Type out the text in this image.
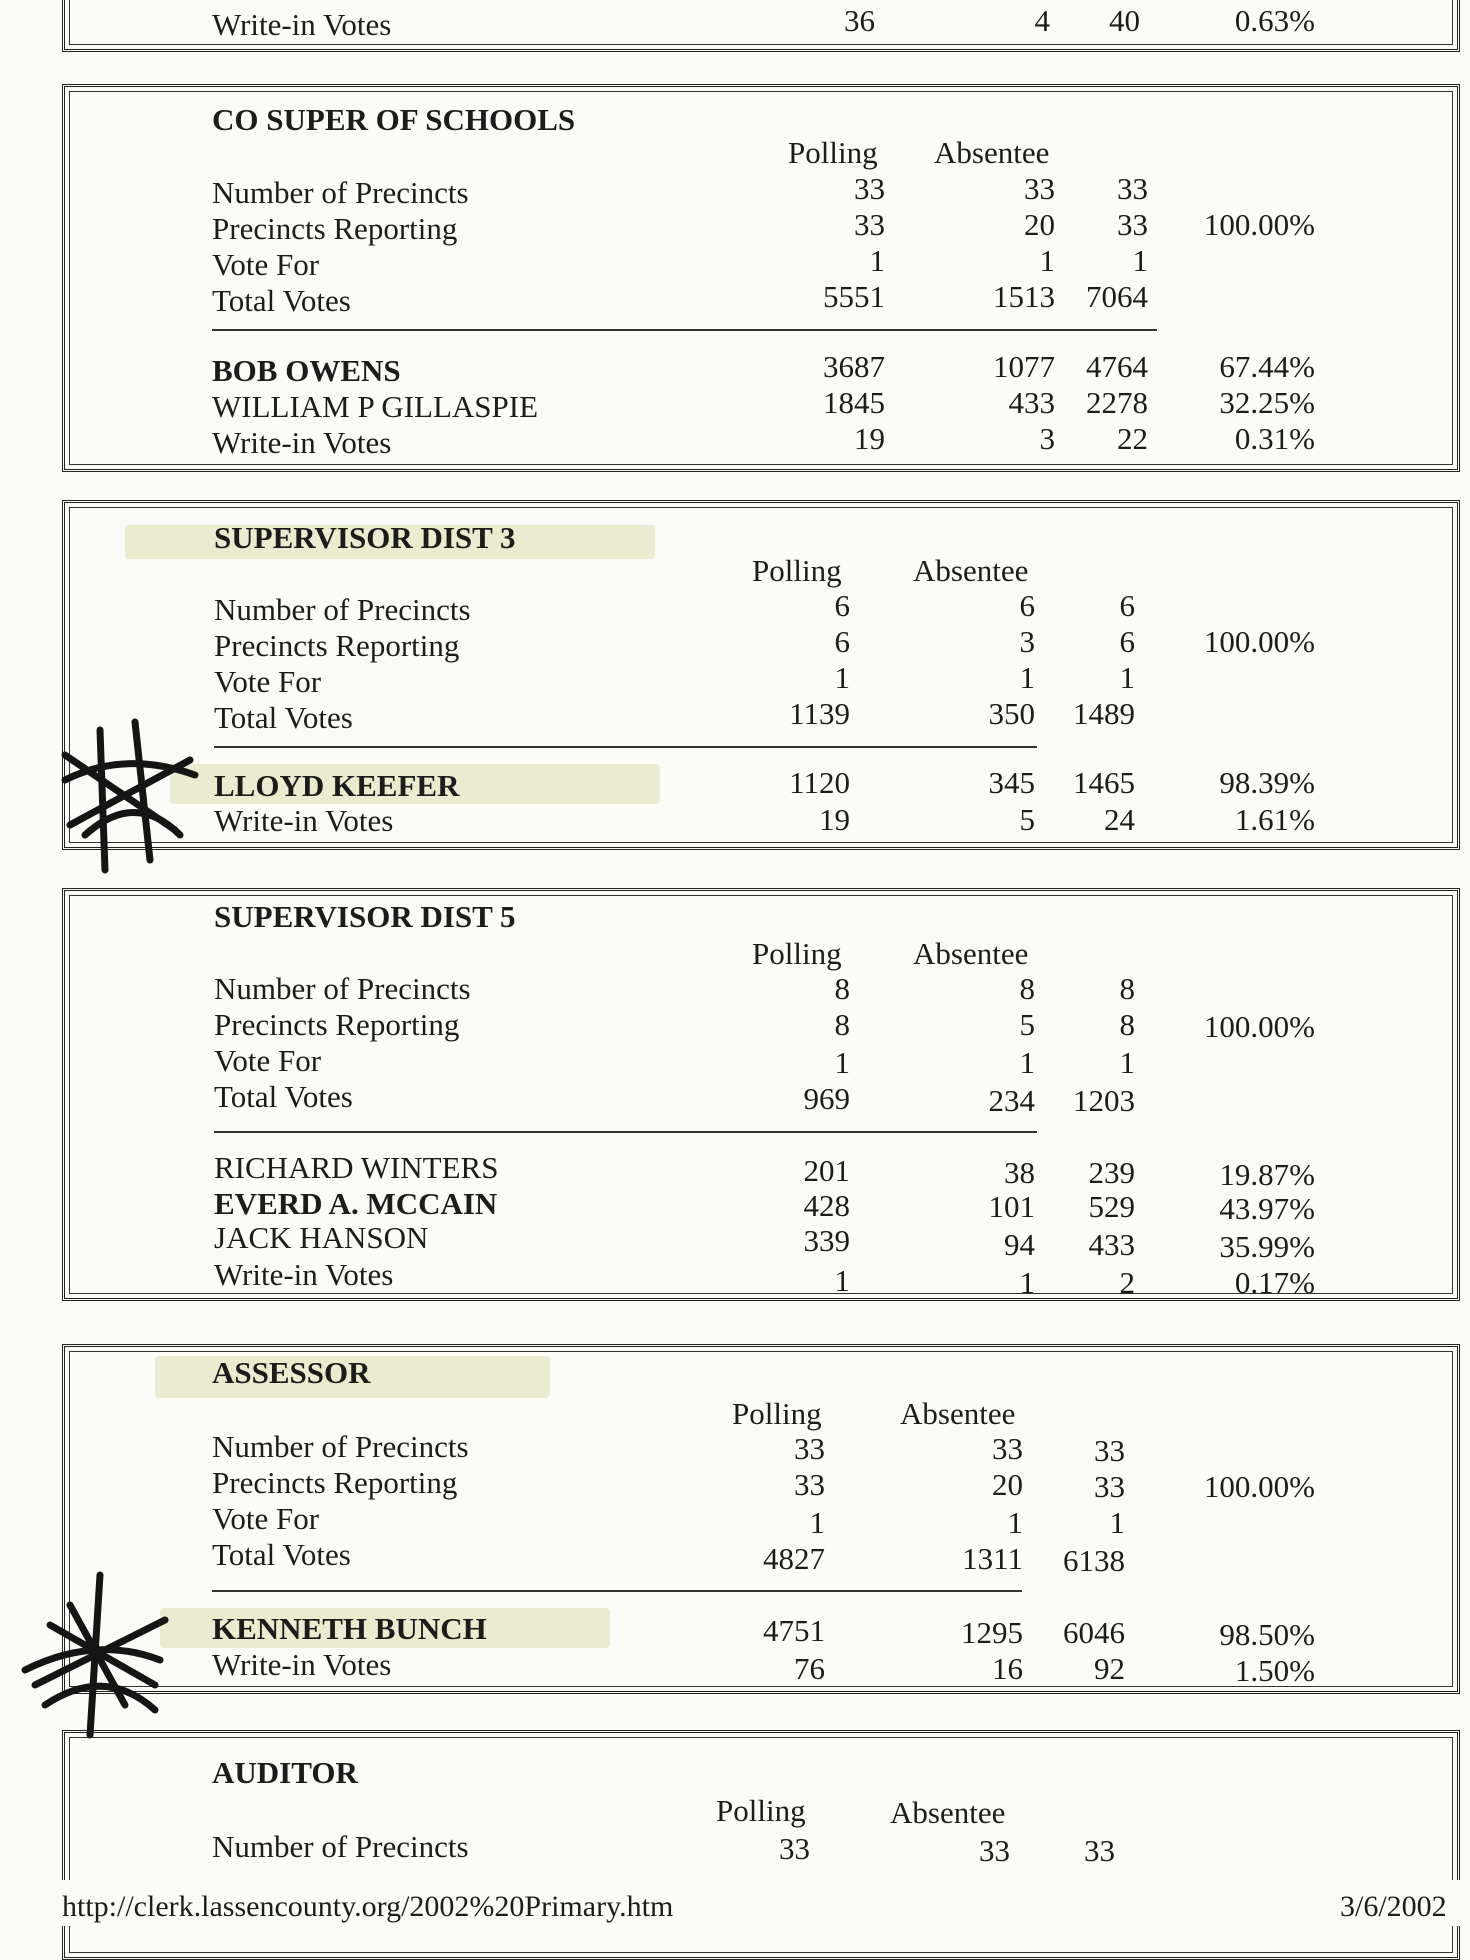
Write-in Votes	36	4	40	0.63%
CO SUPER OF SCHOOLS
Polling Absentee
Number of Precincts	33	33	33
Precincts Reporting	33	20	33	100.00%
Vote For	1	1	1
Total Votes	5551	1513	7064
BOB OWENS	3687	1077	4764	67.44%
WILLIAM P GILLASPIE	1845	433	2278	32.25%
Write-in Votes	19	3	22	0.31%
SUPERVISOR DIST 3
Polling Absentee
Number of Precincts	6	6	6
Precincts Reporting	6	3	6	100.00%
Vote For	1	1	1
Total Votes	1139	350	1489
LLOYD KEEFER	1120	345	1465	98.39%
Write-in Votes	19	5	24	1.61%
SUPERVISOR DIST 5
Polling Absentee
Number of Precincts	8	8	8
Precincts Reporting	8	5	8	100.00%
Vote For	1	1	1
Total Votes	969	234	1203
RICHARD WINTERS	201	38	239	19.87%
EVERD A. MCCAIN	428	101	529	43.97%
JACK HANSON	339	94	433	35.99%
Write-in Votes	1	1	2	0.17%
ASSESSOR
Polling	Absentee
Number of Precincts	33	33	33
Precincts Reporting	33	20	33	100.00%
Vote For	1	1	1
Total Votes	4827	1311	6138
KENNETH BUNCH	4751	1295	6046	98.50%
Write-in Votes	76	16	92	1.50%
AUDITOR
Polling	Absentee
Number of Precincts	33	33	33
http://clerk.lassencounty.org/2002%20Primary.htm	3/6/2002
